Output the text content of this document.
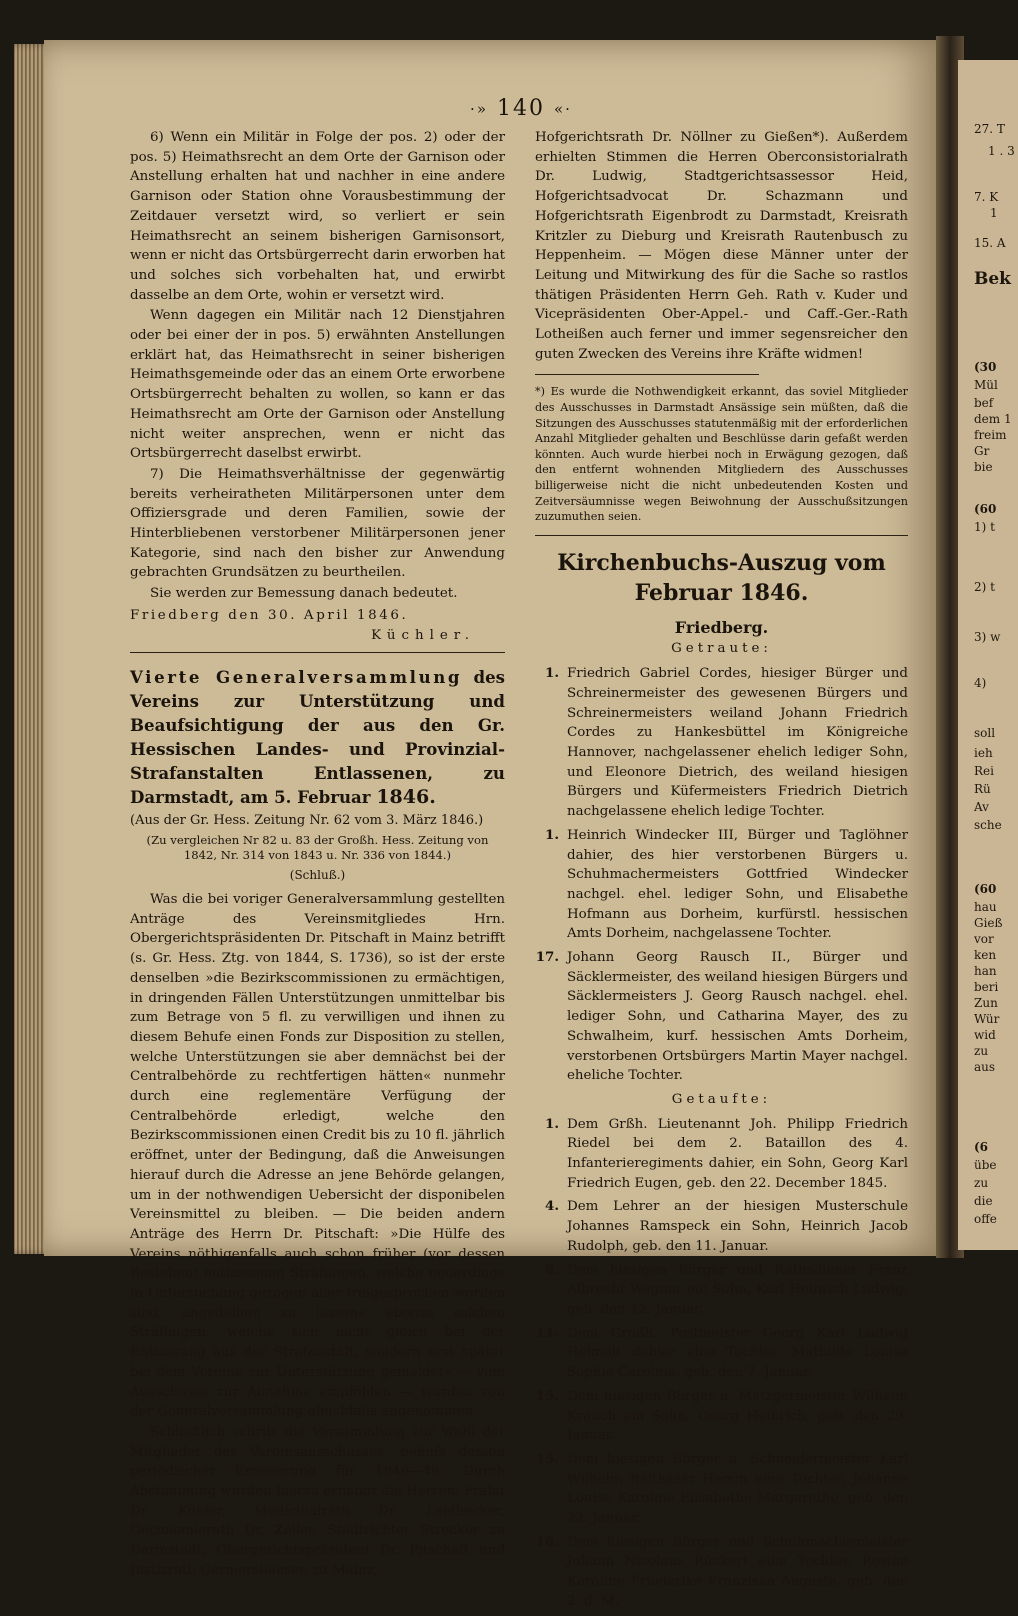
27. T
1 . 3
7. K
1
15. A
Bek
(30
Mül
bef
dem 1
freim
Gr
bie
(60
1) t
2) t
3) w
4)
soll
ieh
Rei
Rü
Av
sche
(60
hau
Gieß
vor
ken
han
beri
Zun
Wür
wid
zu
aus
(6
übe
zu
die
offe
·» 140 «·

6) Wenn ein Militär in Folge der pos. 2) oder der pos. 5) Heimathsrecht an dem Orte der Garnison oder Anstellung erhalten hat und nachher in eine andere Garnison oder Station ohne Vorausbestimmung der Zeitdauer versetzt wird, so verliert er sein Heimathsrecht an seinem bisherigen Garnisonsort, wenn er nicht das Ortsbürgerrecht darin erworben hat und solches sich vorbehalten hat, und erwirbt dasselbe an dem Orte, wohin er versetzt wird.

Wenn dagegen ein Militär nach 12 Dienstjahren oder bei einer der in pos. 5) erwähnten Anstellungen erklärt hat, das Heimathsrecht in seiner bisherigen Heimathsgemeinde oder das an einem Orte erworbene Ortsbürgerrecht behalten zu wollen, so kann er das Heimathsrecht am Orte der Garnison oder Anstellung nicht weiter ansprechen, wenn er nicht das Ortsbürgerrecht daselbst erwirbt.

7) Die Heimathsverhältnisse der gegenwärtig bereits verheiratheten Militärpersonen unter dem Offiziersgrade und deren Familien, sowie der Hinterbliebenen verstorbener Militärpersonen jener Kategorie, sind nach den bisher zur Anwendung gebrachten Grundsätzen zu beurtheilen.

Sie werden zur Bemessung danach bedeutet.

Friedberg den 30. April 1846.
Küchler.
Vierte Generalversammlung des Vereins zur Unterstützung und Beaufsichtigung der aus den Gr. Hessischen Landes- und Provinzial-Strafanstalten Entlassenen, zu Darmstadt, am 5. Februar 1846.
(Aus der Gr. Hess. Zeitung Nr. 62 vom 3. März 1846.)
(Zu vergleichen Nr 82 u. 83 der Großh. Hess. Zeitung von 1842, Nr. 314 von 1843 u. Nr. 336 von 1844.)
(Schluß.)

Was die bei voriger Generalversammlung gestellten Anträge des Vereinsmitgliedes Hrn. Obergerichtspräsidenten Dr. Pitschaft in Mainz betrifft (s. Gr. Hess. Ztg. von 1844, S. 1736), so ist der erste denselben »die Bezirkscommissionen zu ermächtigen, in dringenden Fällen Unterstützungen unmittelbar bis zum Betrage von 5 fl. zu verwilligen und ihnen zu diesem Behufe einen Fonds zur Disposition zu stellen, welche Unterstützungen sie aber demnächst bei der Centralbehörde zu rechtfertigen hätten« nunmehr durch eine reglementäre Verfügung der Centralbehörde erledigt, welche den Bezirkscommissionen einen Credit bis zu 10 fl. jährlich eröffnet, unter der Bedingung, daß die Anweisungen hierauf durch die Adresse an jene Behörde gelangen, um in der nothwendigen Uebersicht der disponibelen Vereinsmittel zu bleiben. — Die beiden andern Anträge des Herrn Dr. Pitschaft: »Die Hülfe des Vereins nöthigenfalls auch schon früher (vor dessen Bestehen) entlassenen Sträflingen, welche neuerdings in Untersuchung gezogen aber freigesprochen worden sind, angedeihen zu lassen« ebenso solchen Sträflingen, welche sich nicht gleich bei der Entlassung aus der Strafanstalt, sondern erst später bei dem Vereine zur Unterstützung gemeldet« — vom Ausschusse zur Annahme empfohlen — wurden von der Generalversammlung gleichfalls angenommen.

Schließlich schritt die Versammlung zur Wahl der Mitglieder des Vereinsausschusses, behufs dessen periodischer Erneuerung für 1846—48. Durch Abstimmung wurden hierzu ernannt die Herren: Prälat Dr. Köhler, Medicinalrath Dr. Leidhecker, Oeconomierath Dr. Zeller, Stadtrichter Strecker zu Darmstadt, Obergerichtspräsident Dr. Pitschaft und Justizrath Germershausen zu Mainz,

Hofgerichtsrath Dr. Nöllner zu Gießen*). Außerdem erhielten Stimmen die Herren Oberconsistorialrath Dr. Ludwig, Stadtgerichtsassessor Heid, Hofgerichtsadvocat Dr. Schazmann und Hofgerichtsrath Eigenbrodt zu Darmstadt, Kreisrath Kritzler zu Dieburg und Kreisrath Rautenbusch zu Heppenheim. — Mögen diese Männer unter der Leitung und Mitwirkung des für die Sache so rastlos thätigen Präsidenten Herrn Geh. Rath v. Kuder und Vicepräsidenten Ober-Appel.- und Caff.-Ger.-Rath Lotheißen auch ferner und immer segensreicher den guten Zwecken des Vereins ihre Kräfte widmen!

*) Es wurde die Nothwendigkeit erkannt, das soviel Mitglieder des Ausschusses in Darmstadt Ansässige sein müßten, daß die Sitzungen des Ausschusses statutenmäßig mit der erforderlichen Anzahl Mitglieder gehalten und Beschlüsse darin gefaßt werden könnten. Auch wurde hierbei noch in Erwägung gezogen, daß den entfernt wohnenden Mitgliedern des Ausschusses billigerweise nicht die nicht unbedeutenden Kosten und Zeitversäumnisse wegen Beiwohnung der Ausschußsitzungen zuzumuthen seien.

Kirchenbuchs-Auszug vom Februar 1846.
Friedberg.
Getraute:
1. Friedrich Gabriel Cordes, hiesiger Bürger und Schreinermeister des gewesenen Bürgers und Schreinermeisters weiland Johann Friedrich Cordes zu Hankesbüttel im Königreiche Hannover, nachgelassener ehelich lediger Sohn, und Eleonore Dietrich, des weiland hiesigen Bürgers und Küfermeisters Friedrich Dietrich nachgelassene ehelich ledige Tochter.
1. Heinrich Windecker III, Bürger und Taglöhner dahier, des hier verstorbenen Bürgers u. Schuhmachermeisters Gottfried Windecker nachgel. ehel. lediger Sohn, und Elisabethe Hofmann aus Dorheim, kurfürstl. hessischen Amts Dorheim, nachgelassene Tochter.
17. Johann Georg Rausch II., Bürger und Säcklermeister, des weiland hiesigen Bürgers und Säcklermeisters J. Georg Rausch nachgel. ehel. lediger Sohn, und Catharina Mayer, des zu Schwalheim, kurf. hessischen Amts Dorheim, verstorbenen Ortsbürgers Martin Mayer nachgel. eheliche Tochter.
Getaufte:
1. Dem Grßh. Lieutenannt Joh. Philipp Friedrich Riedel bei dem 2. Bataillon des 4. Infanterieregiments dahier, ein Sohn, Georg Karl Friedrich Eugen, geb. den 22. December 1845.
4. Dem Lehrer an der hiesigen Musterschule Johannes Ramspeck ein Sohn, Heinrich Jacob Rudolph, geb. den 11. Januar.
8. Dem hiesigen Bürger und Rathsdiener Franz Albrecht Wagner ein Sohn, Karl Heinrich Ludwig, geb. den 12. Januar.
11. Dem Großh. Postmeister Georg Karl Ludwig Helmolt dahier eine Tochter, Mathilde Louise Sophie Caroline, geb. den 7. Januar.
15. Dem hiesigen Bürger u. Metzgermeister Wilhelm Krauch ein Sohn, Georg Heinrich, geb. den 29. Januar.
15. Dem hiesigen Bürger u. Schneidermeister Karl Wilhelm Balthasar Hamm eine Tochter, Johanne Louise Karoline Elisabethe Margarethe, geb. den 22. Januar.
16. Dem hiesigen Bürger und Schuhmachermeister Johann Nicolaus Rückert eine Tochter, Rosine Karoline Friederike Franziska Auguste, geb. den 2. d. M.
